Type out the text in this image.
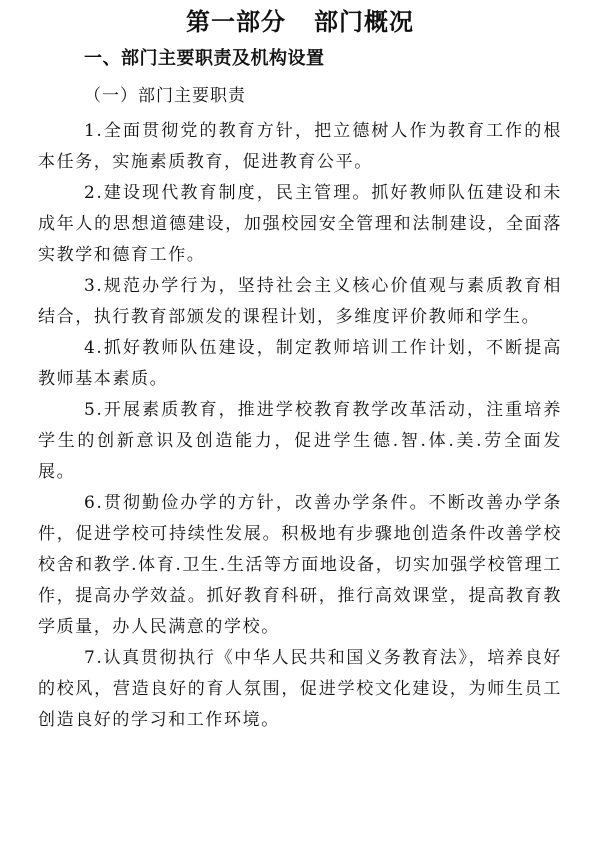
第一部分   部门概况
一、部门主要职责及机构设置
（一）部门主要职责

1.全面贯彻党的教育方针，把立德树人作为教育工作的根本任务，实施素质教育，促进教育公平。

2.建设现代教育制度，民主管理。抓好教师队伍建设和未成年人的思想道德建设，加强校园安全管理和法制建设，全面落实教学和德育工作。

3.规范办学行为，坚持社会主义核心价值观与素质教育相结合，执行教育部颁发的课程计划，多维度评价教师和学生。

4.抓好教师队伍建设，制定教师培训工作计划，不断提高教师基本素质。

5.开展素质教育，推进学校教育教学改革活动，注重培养学生的创新意识及创造能力，促进学生德.智.体.美.劳全面发展。

6.贯彻勤俭办学的方针，改善办学条件。不断改善办学条件，促进学校可持续性发展。积极地有步骤地创造条件改善学校校舍和教学.体育.卫生.生活等方面地设备，切实加强学校管理工作，提高办学效益。抓好教育科研，推行高效课堂，提高教育教学质量，办人民满意的学校。

7.认真贯彻执行《中华人民共和国义务教育法》，培养良好的校风，营造良好的育人氛围，促进学校文化建设，为师生员工创造良好的学习和工作环境。
